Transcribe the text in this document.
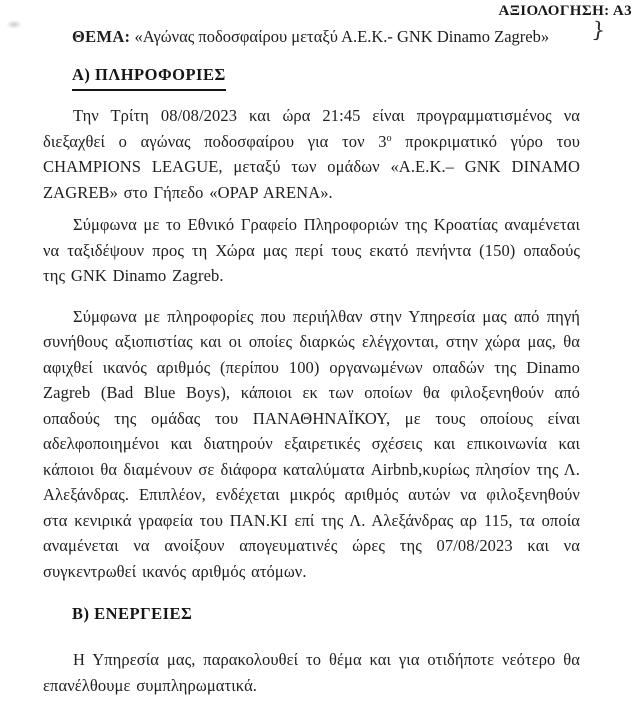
ΑΞΙΟΛΟΓΗΣΗ: Α3
ΘΕΜΑ: «Αγώνας ποδοσφαίρου μεταξύ Α.Ε.Κ.- GNK Dinamo Zagreb»	}
Α) ΠΛΗΡΟΦΟΡΙΕΣ

Την Τρίτη 08/08/2023 και ώρα 21:45 είναι προγραμματισμένος να διεξαχθεί ο αγώνας ποδοσφαίρου για τον $3^o$ προκριματικό γύρο του CHAMPIONS LEAGUE, μεταξύ των ομάδων «Α.Ε.Κ.– GNK DINAMO ZAGREB» στο Γήπεδο «OPAP ARENA».

Σύμφωνα με το Εθνικό Γραφείο Πληροφοριών της Κροατίας αναμένεται να ταξιδέψουν προς τη Χώρα μας περί τους εκατό πενήντα (150) οπαδούς της GNK Dinamo Zagreb.

Σύμφωνα με πληροφορίες που περιήλθαν στην Υπηρεσία μας από πηγή συνήθους αξιοπιστίας και οι οποίες διαρκώς ελέγχονται, στην χώρα μας, θα αφιχθεί ικανός αριθμός (περίπου 100) οργανωμένων οπαδών της Dinamo Zagreb (Bad Blue Boys), κάποιοι εκ των οποίων θα φιλοξενηθούν από οπαδούς της ομάδας του ΠΑΝΑΘΗΝΑΪΚΟΥ, με τους οποίους είναι αδελφοποιημένοι και διατηρούν εξαιρετικές σχέσεις και επικοινωνία και κάποιοι θα διαμένουν σε διάφορα καταλύματα Airbnb,κυρίως πλησίον της Λ. Αλεξάνδρας. Επιπλέον, ενδέχεται μικρός αριθμός αυτών να φιλοξενηθούν στα κενιρικά γραφεία του ΠΑΝ.ΚΙ επί της Λ. Αλεξάνδρας αρ 115, τα οποία αναμένεται να ανοίξουν απογευματινές ώρες της 07/08/2023 και να συγκεντρωθεί ικανός αριθμός ατόμων.

Β) ΕΝΕΡΓΕΙΕΣ

Η Υπηρεσία μας, παρακολουθεί το θέμα και για οτιδήποτε νεότερο θα επανέλθουμε συμπληρωματικά.
